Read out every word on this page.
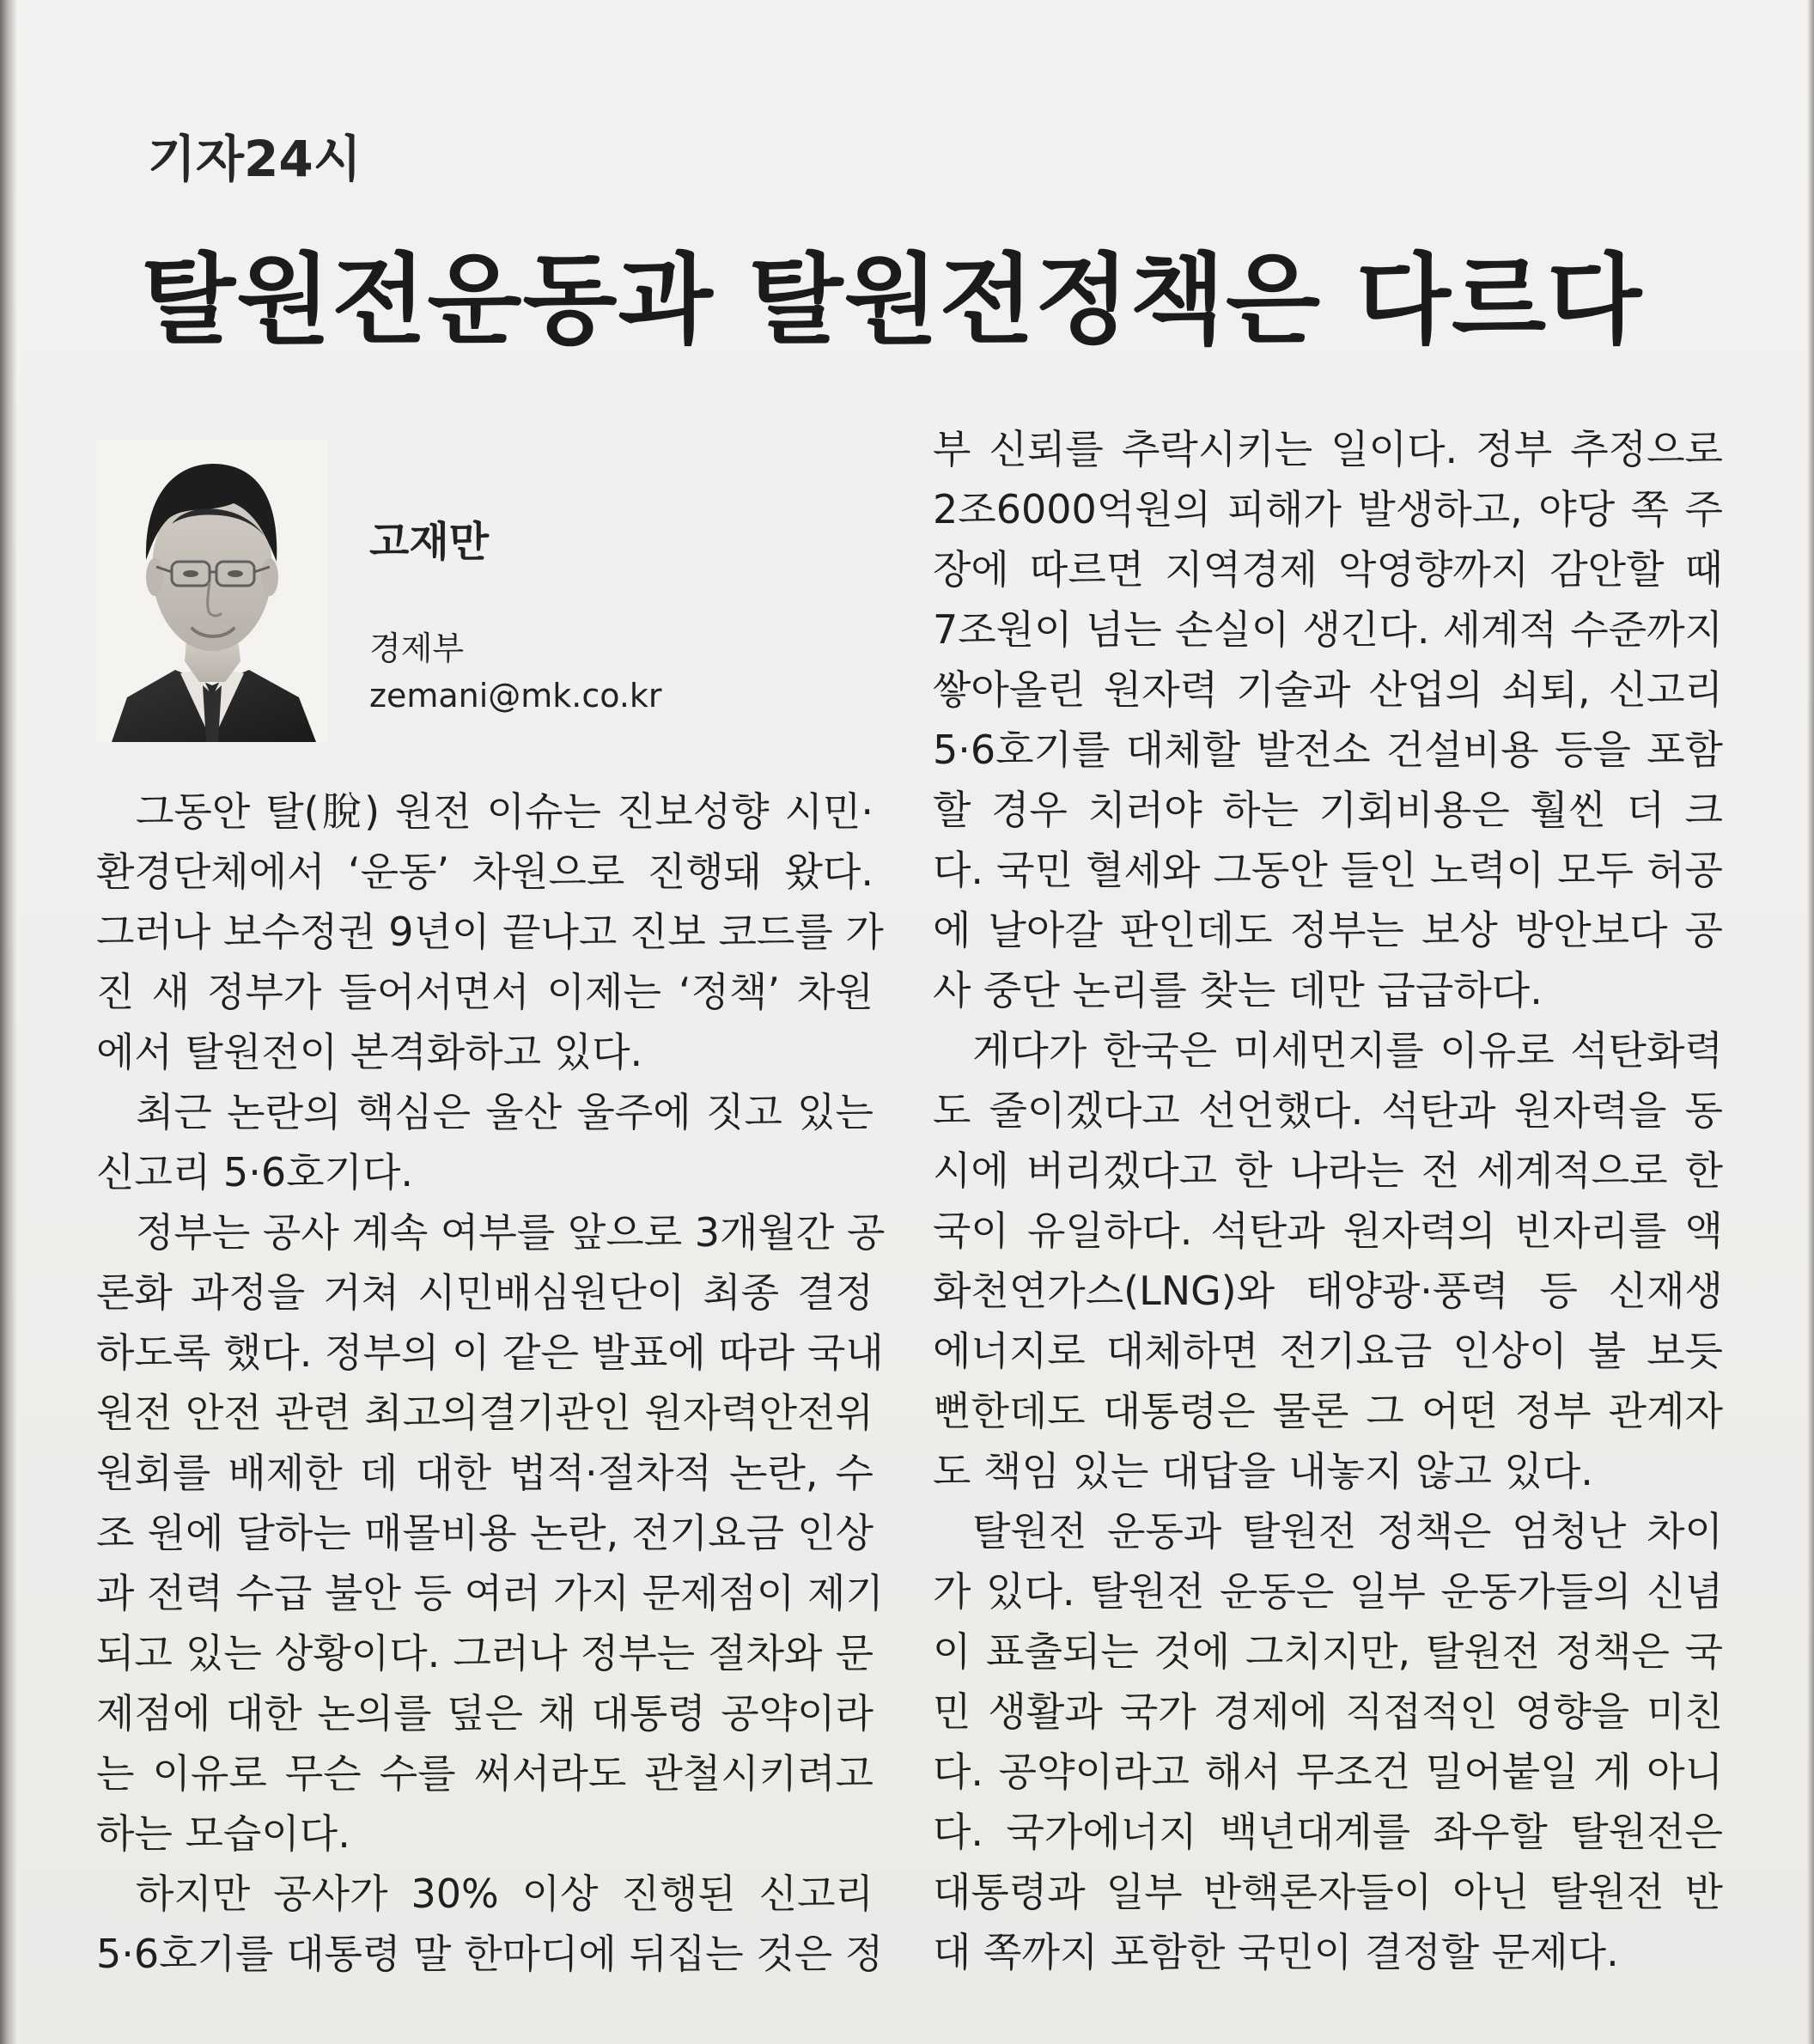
기자24시
탈원전운동과 탈원전정책은 다르다
고재만
경제부
zemani@mk.co.kr
그동안 탈(脫) 원전 이슈는 진보성향 시민·
환경단체에서 ‘운동’ 차원으로 진행돼 왔다.
그러나 보수정권 9년이 끝나고 진보 코드를 가
진 새 정부가 들어서면서 이제는 ‘정책’ 차원
에서 탈원전이 본격화하고 있다.
최근 논란의 핵심은 울산 울주에 짓고 있는
신고리 5·6호기다.
정부는 공사 계속 여부를 앞으로 3개월간 공
론화 과정을 거쳐 시민배심원단이 최종 결정
하도록 했다. 정부의 이 같은 발표에 따라 국내
원전 안전 관련 최고의결기관인 원자력안전위
원회를 배제한 데 대한 법적·절차적 논란, 수
조 원에 달하는 매몰비용 논란, 전기요금 인상
과 전력 수급 불안 등 여러 가지 문제점이 제기
되고 있는 상황이다. 그러나 정부는 절차와 문
제점에 대한 논의를 덮은 채 대통령 공약이라
는 이유로 무슨 수를 써서라도 관철시키려고
하는 모습이다.
하지만 공사가 30% 이상 진행된 신고리
5·6호기를 대통령 말 한마디에 뒤집는 것은 정
부 신뢰를 추락시키는 일이다. 정부 추정으로
2조6000억원의 피해가 발생하고, 야당 쪽 주
장에 따르면 지역경제 악영향까지 감안할 때
7조원이 넘는 손실이 생긴다. 세계적 수준까지
쌓아올린 원자력 기술과 산업의 쇠퇴, 신고리
5·6호기를 대체할 발전소 건설비용 등을 포함
할 경우 치러야 하는 기회비용은 훨씬 더 크
다. 국민 혈세와 그동안 들인 노력이 모두 허공
에 날아갈 판인데도 정부는 보상 방안보다 공
사 중단 논리를 찾는 데만 급급하다.
게다가 한국은 미세먼지를 이유로 석탄화력
도 줄이겠다고 선언했다. 석탄과 원자력을 동
시에 버리겠다고 한 나라는 전 세계적으로 한
국이 유일하다. 석탄과 원자력의 빈자리를 액
화천연가스(LNG)와 태양광·풍력 등 신재생
에너지로 대체하면 전기요금 인상이 불 보듯
뻔한데도 대통령은 물론 그 어떤 정부 관계자
도 책임 있는 대답을 내놓지 않고 있다.
탈원전 운동과 탈원전 정책은 엄청난 차이
가 있다. 탈원전 운동은 일부 운동가들의 신념
이 표출되는 것에 그치지만, 탈원전 정책은 국
민 생활과 국가 경제에 직접적인 영향을 미친
다. 공약이라고 해서 무조건 밀어붙일 게 아니
다. 국가에너지 백년대계를 좌우할 탈원전은
대통령과 일부 반핵론자들이 아닌 탈원전 반
대 쪽까지 포함한 국민이 결정할 문제다.
